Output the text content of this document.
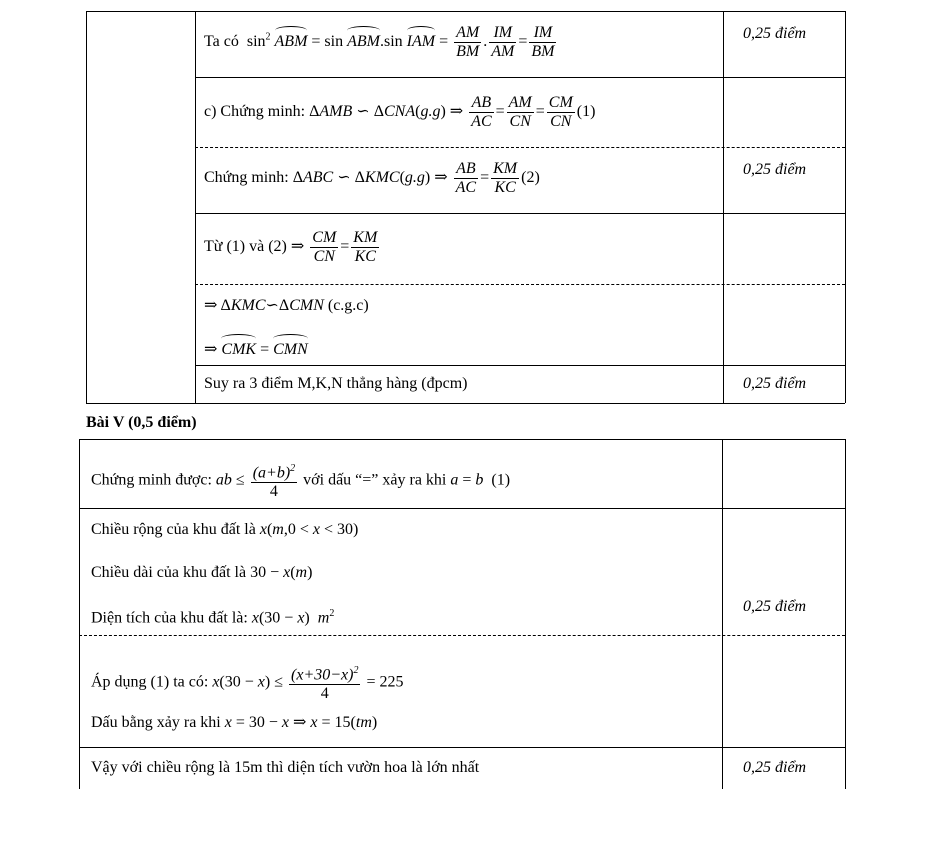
Ta có $\sin^2$ ABM = sin ABM.sin IAM = $\frac{AM}{BM}$ . $\frac{IM}{AM} = \frac{IM}{BM}$	0,25 điểm
c) Chứng minh: ΔAMB ∽ ΔCNA(g.g) ⇒ $\frac{AB}{AC} = \frac{AM}{CN} = \frac{CM}{CN} (1)$
Chứng minh: ΔABC ∽ ΔKMC(g.g) ⇒ $\frac{AB}{AC} = \frac{KM}{KC} (2)$	0,25 điểm
Từ (1) và (2) ⇒ $\frac{CM}{CN} = \frac{KM}{KC}$
⇒ ΔKMC∽ΔCMN (c.g.c)
⇒ CMK = CMN
Suy ra 3 điểm M,K,N thẳng hàng (đpcm)	0,25 điểm
Bài V (0,5 điểm)
Chứng minh được: ab ≤ $\frac{(a+b)^2}{4}$ với dấu “=” xảy ra khi a = b (1)
Chiều rộng của khu đất là x(m,0 < x < 30)
Chiều dài của khu đất là 30 − x(m)
Diện tích của khu đất là: x(30 − x)  $m^2$	0,25 điểm
Áp dụng (1) ta có: $x(30 - x) \le \frac{(x+30-x)^2}{4} = 225$
Dấu bằng xảy ra khi x = 30 − x ⇒ x = 15(tm)
Vậy với chiều rộng là 15m thì diện tích vườn hoa là lớn nhất	0,25 điểm
